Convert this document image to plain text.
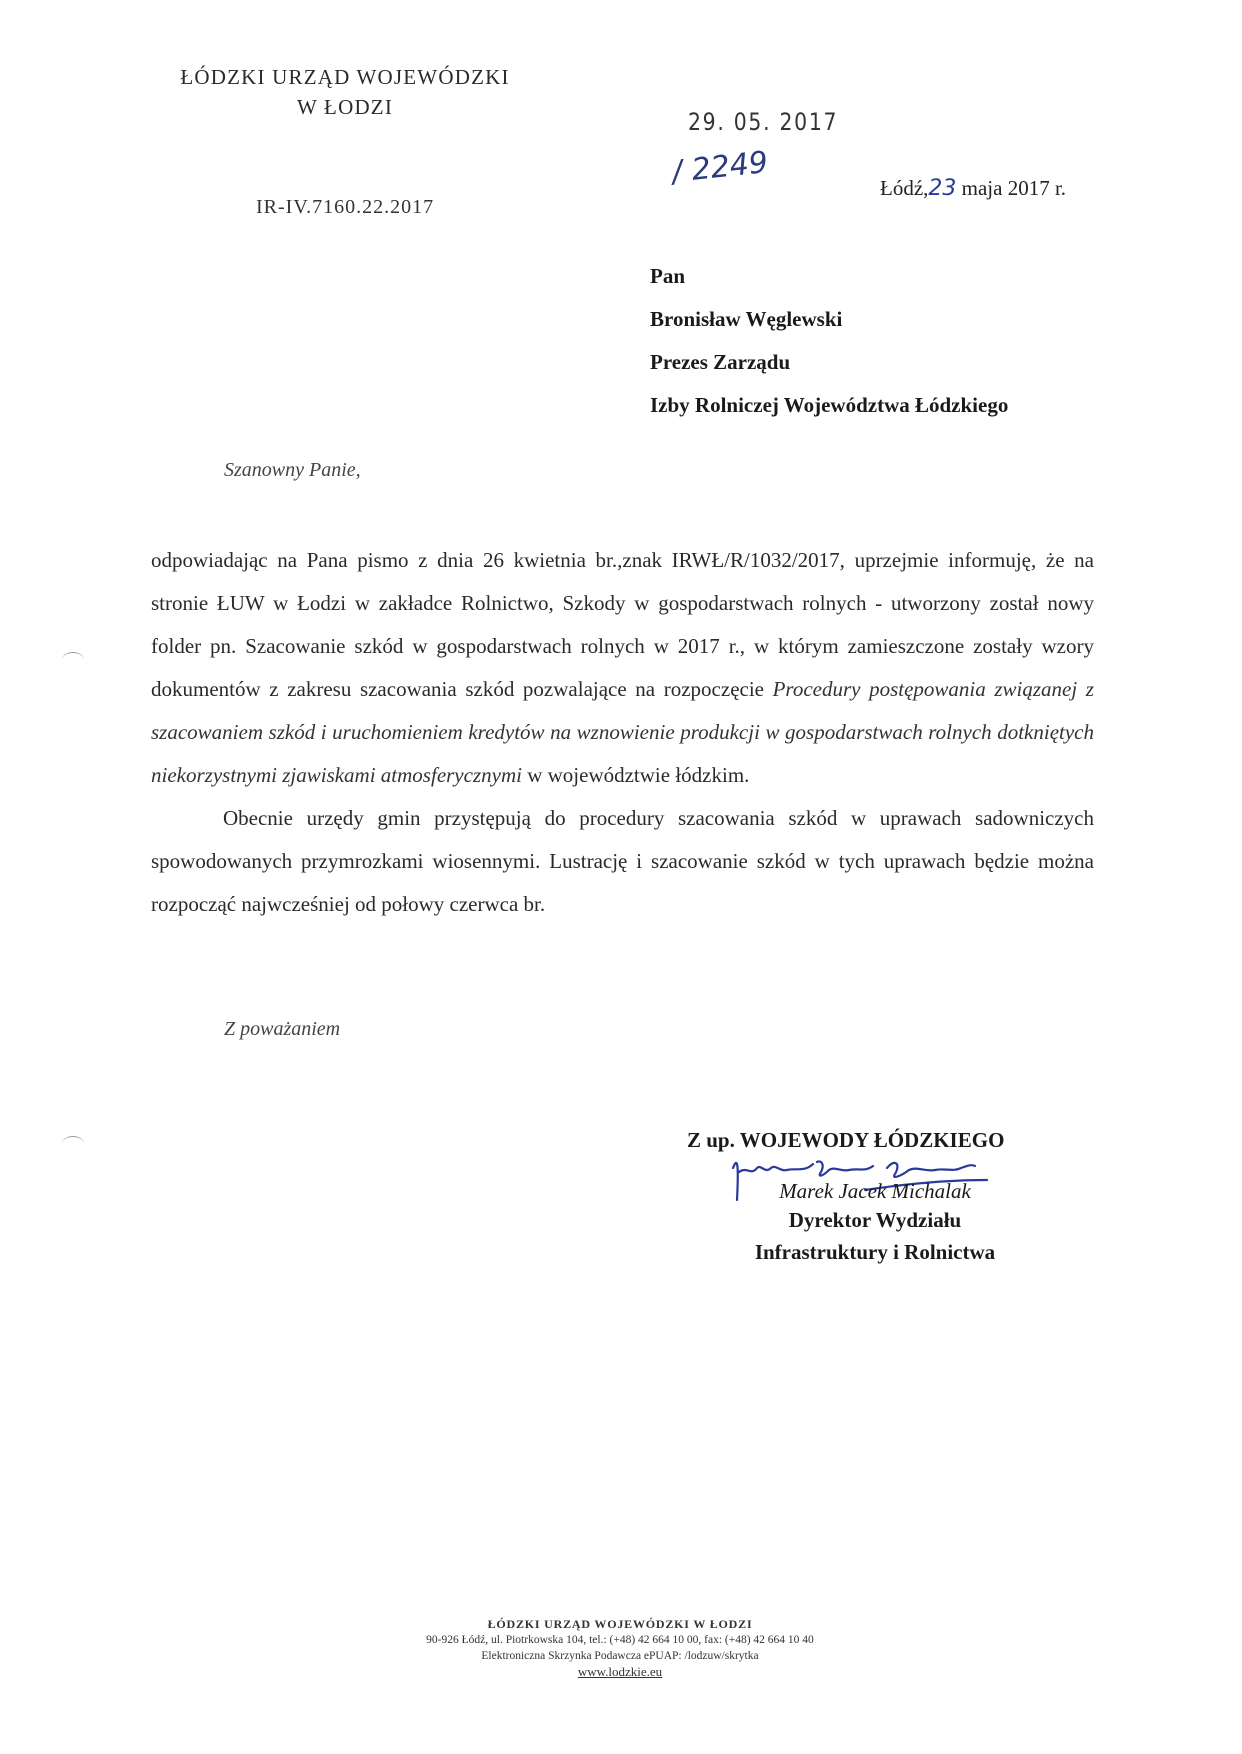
ŁÓDZKI URZĄD WOJEWÓDZKI
W ŁODZI
29. 05. 2017
/ 2249
IR-IV.7160.22.2017
Łódź,23 maja 2017 r.
Pan
Bronisław Węglewski
Prezes Zarządu
Izby Rolniczej Województwa Łódzkiego
Szanowny Panie,

odpowiadając na Pana pismo z dnia 26 kwietnia br.,znak IRWŁ/R/1032/2017, uprzejmie informuję, że na stronie ŁUW w Łodzi w zakładce Rolnictwo, Szkody w gospodarstwach rolnych - utworzony został nowy folder pn. Szacowanie szkód w gospodarstwach rolnych w 2017 r., w którym zamieszczone zostały wzory dokumentów z zakresu szacowania szkód pozwalające na rozpoczęcie Procedury postępowania związanej z szacowaniem szkód i uruchomieniem kredytów na wznowienie produkcji w gospodarstwach rolnych dotkniętych niekorzystnymi zjawiskami atmosferycznymi w województwie łódzkim.

Obecnie urzędy gmin przystępują do procedury szacowania szkód w uprawach sadowniczych spowodowanych przymrozkami wiosennymi. Lustrację i szacowanie szkód w tych uprawach będzie można rozpocząć najwcześniej od połowy czerwca br.

Z poważaniem
Z up. WOJEWODY ŁÓDZKIEGO
Marek Jacek Michalak
Dyrektor Wydziału
Infrastruktury i Rolnictwa
ŁÓDZKI URZĄD WOJEWÓDZKI W ŁODZI
90-926 Łódź, ul. Piotrkowska 104, tel.: (+48) 42 664 10 00, fax: (+48) 42 664 10 40
Elektroniczna Skrzynka Podawcza ePUAP: /lodzuw/skrytka
www.lodzkie.eu
